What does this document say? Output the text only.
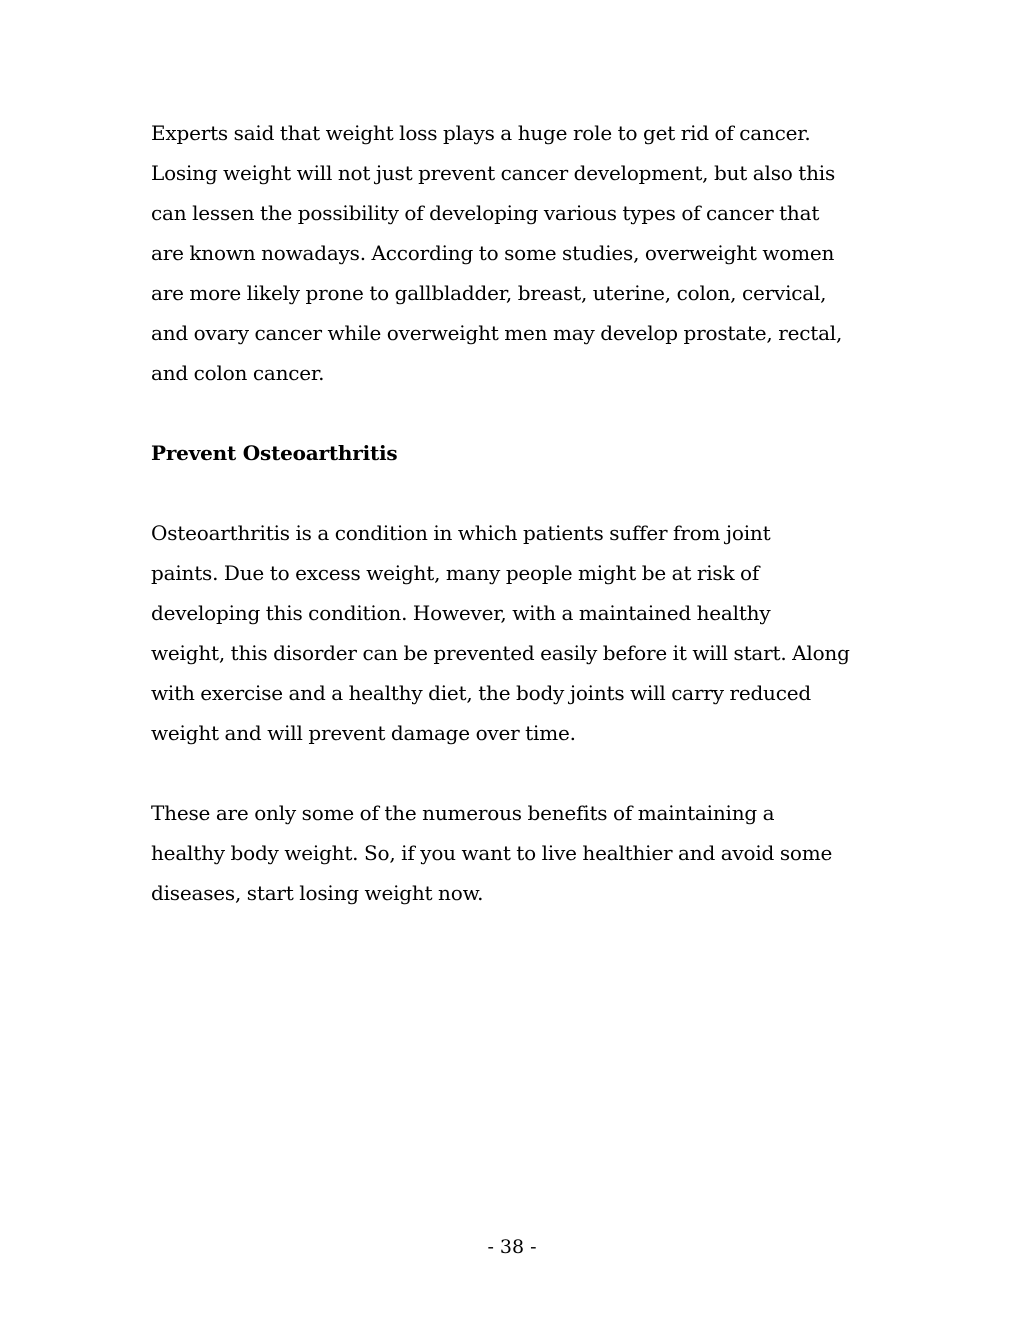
Experts said that weight loss plays a huge role to get rid of cancer.
Losing weight will not just prevent cancer development, but also this
can lessen the possibility of developing various types of cancer that
are known nowadays. According to some studies, overweight women
are more likely prone to gallbladder, breast, uterine, colon, cervical,
and ovary cancer while overweight men may develop prostate, rectal,
and colon cancer.

Prevent Osteoarthritis

Osteoarthritis is a condition in which patients suffer from joint
paints. Due to excess weight, many people might be at risk of
developing this condition. However, with a maintained healthy
weight, this disorder can be prevented easily before it will start. Along
with exercise and a healthy diet, the body joints will carry reduced
weight and will prevent damage over time.

These are only some of the numerous benefits of maintaining a
healthy body weight. So, if you want to live healthier and avoid some
diseases, start losing weight now.

- 38 -
